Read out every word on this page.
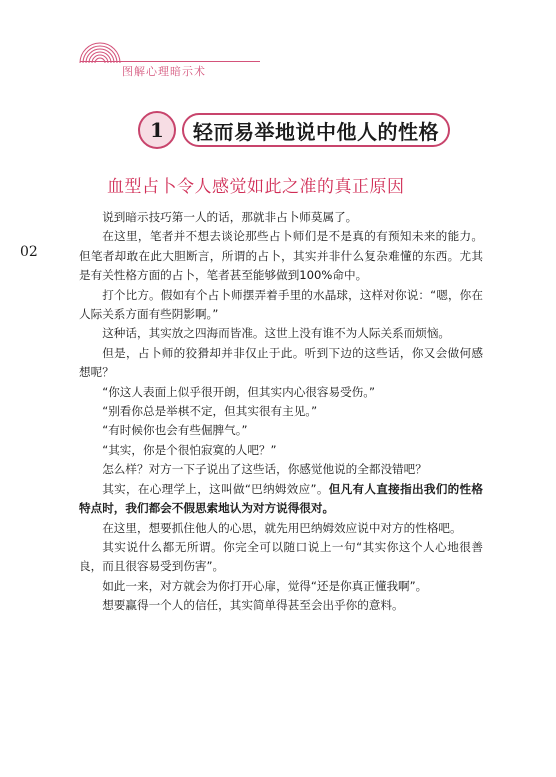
图解心理暗示术
1	轻而易举地说中他人的性格
血型占卜令人感觉如此之准的真正原因
02

说到暗示技巧第一人的话，那就非占卜师莫属了。

在这里，笔者并不想去谈论那些占卜师们是不是真的有预知未来的能力。但笔者却敢在此大胆断言，所谓的占卜，其实并非什么复杂难懂的东西。尤其是有关性格方面的占卜，笔者甚至能够做到100%命中。

打个比方。假如有个占卜师摆弄着手里的水晶球，这样对你说：“嗯，你在人际关系方面有些阴影啊。”

这种话，其实放之四海而皆准。这世上没有谁不为人际关系而烦恼。

但是，占卜师的狡猾却并非仅止于此。听到下边的这些话，你又会做何感想呢？

“你这人表面上似乎很开朗，但其实内心很容易受伤。”

“别看你总是举棋不定，但其实很有主见。”

“有时候你也会有些倔脾气。”

“其实，你是个很怕寂寞的人吧？”

怎么样？对方一下子说出了这些话，你感觉他说的全都没错吧？

其实，在心理学上，这叫做“巴纳姆效应”。但凡有人直接指出我们的性格特点时，我们都会不假思索地认为对方说得很对。

在这里，想要抓住他人的心思，就先用巴纳姆效应说中对方的性格吧。

其实说什么都无所谓。你完全可以随口说上一句“其实你这个人心地很善良，而且很容易受到伤害”。

如此一来，对方就会为你打开心扉，觉得“还是你真正懂我啊”。

想要赢得一个人的信任，其实简单得甚至会出乎你的意料。
